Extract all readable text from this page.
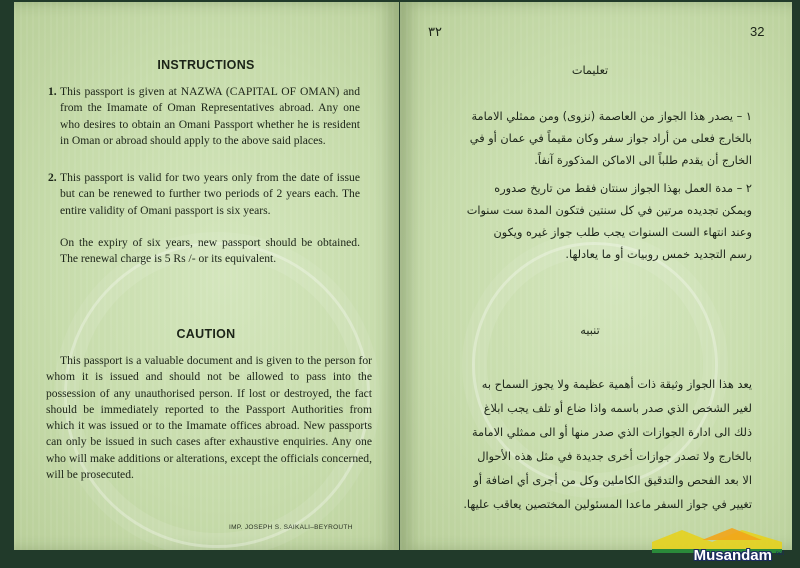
INSTRUCTIONS
1. This passport is given at NAZWA (CAPITAL OF OMAN) and from the Imamate of Oman Representatives abroad. Any one who desires to obtain an Omani Passport whether he is resident in Oman or abroad should apply to the above said places.
2. This passport is valid for two years only from the date of issue but can be renewed to further two periods of 2 years each. The entire validity of Omani passport is six years.
On the expiry of six years, new passport should be obtained. The renewal charge is 5 Rs /- or its equivalent.
CAUTION
This passport is a valuable document and is given to the person for whom it is issued and should not be allowed to pass into the possession of any unauthorised person. If lost or destroyed, the fact should be immediately reported to the Passport Authorities from which it was issued or to the Imamate offices abroad. New passports can only be issued in such cases after exhaustive enquiries. Any one who will make additions or alterations, except the officials concerned, will be prosecuted.
IMP. JOSEPH S. SAIKALI–BEYROUTH
٣٢	32
تعليمات
١ – يصدر هذا الجواز من العاصمة (نزوى) ومن ممثلي الامامة
بالخارج فعلى من أراد جواز سفر وكان مقيماً في عمان أو في
الخارج أن يقدم طلباً الى الاماكن المذكورة آنفاً.
٢ – مدة العمل بهذا الجواز سنتان فقط من تاريخ صدوره
ويمكن تجديده مرتين في كل سنتين فتكون المدة ست سنوات
وعند انتهاء الست السنوات يجب طلب جواز غيره ويكون
رسم التجديد خمس روبيات أو ما يعادلها.
تنبيه
يعد هذا الجواز وثيقة ذات أهمية عظيمة ولا يجوز السماح به
لغير الشخص الذي صدر باسمه واذا ضاع أو تلف يجب ابلاغ
ذلك الى ادارة الجوازات الذي صدر منها أو الى ممثلي الامامة
بالخارج ولا تصدر جوازات أخرى جديدة في مثل هذه الأحوال
الا بعد الفحص والتدقيق الكاملين وكل من أجرى أي اضافة أو
تغيير في جواز السفر ماعدا المسئولين المختصين يعاقب عليها.
Musandam .net
